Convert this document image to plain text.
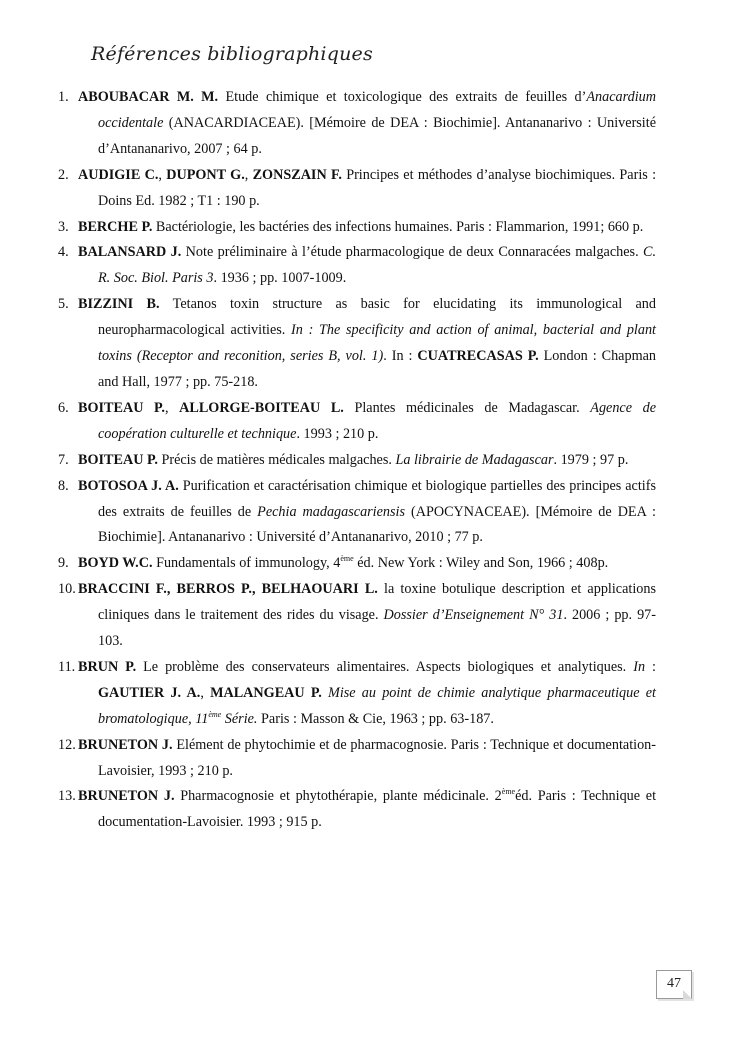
Références bibliographiques
1.ABOUBACAR M. M. Etude chimique et toxicologique des extraits de feuilles d’Anacardium occidentale (ANACARDIACEAE). [Mémoire de DEA : Biochimie]. Antananarivo : Université d’Antananarivo, 2007 ; 64 p.
2.AUDIGIE C., DUPONT G., ZONSZAIN F. Principes et méthodes d’analyse biochimiques. Paris : Doins Ed. 1982 ; T1 : 190 p.
3.BERCHE P. Bactériologie, les bactéries des infections humaines. Paris : Flammarion, 1991; 660 p.
4.BALANSARD J. Note préliminaire à l’étude pharmacologique de deux Connaracées malgaches. C. R. Soc. Biol. Paris 3. 1936 ; pp. 1007-1009.
5.BIZZINI B. Tetanos toxin structure as basic for elucidating its immunological and neuropharmacological activities. In : The specificity and action of animal, bacterial and plant toxins (Receptor and reconition, series B, vol. 1). In : CUATRECASAS P. London : Chapman and Hall, 1977 ; pp. 75-218.
6.BOITEAU P., ALLORGE-BOITEAU L. Plantes médicinales de Madagascar. Agence de coopération culturelle et technique. 1993 ; 210 p.
7.BOITEAU P. Précis de matières médicales malgaches. La librairie de Madagascar. 1979 ; 97 p.
8.BOTOSOA J. A. Purification et caractérisation chimique et biologique partielles des principes actifs des extraits de feuilles de Pechia madagascariensis (APOCYNACEAE). [Mémoire de DEA : Biochimie]. Antananarivo : Université d’Antananarivo, 2010 ; 77 p.
9.BOYD W.C. Fundamentals of immunology, 4ème éd. New York : Wiley and Son, 1966 ; 408p.
10.BRACCINI F., BERROS P., BELHAOUARI L. la toxine botulique description et applications cliniques dans le traitement des rides du visage. Dossier d’Enseignement N° 31. 2006 ; pp. 97-103.
11.BRUN P. Le problème des conservateurs alimentaires. Aspects biologiques et analytiques. In : GAUTIER J. A., MALANGEAU P. Mise au point de chimie analytique pharmaceutique et bromatologique, 11ème Série. Paris : Masson & Cie, 1963 ; pp. 63-187.
12.BRUNETON J. Elément de phytochimie et de pharmacognosie. Paris : Technique et documentation-Lavoisier, 1993 ; 210 p.
13.BRUNETON J. Pharmacognosie et phytothérapie, plante médicinale. 2èmeéd. Paris : Technique et documentation-Lavoisier. 1993 ; 915 p.
47
